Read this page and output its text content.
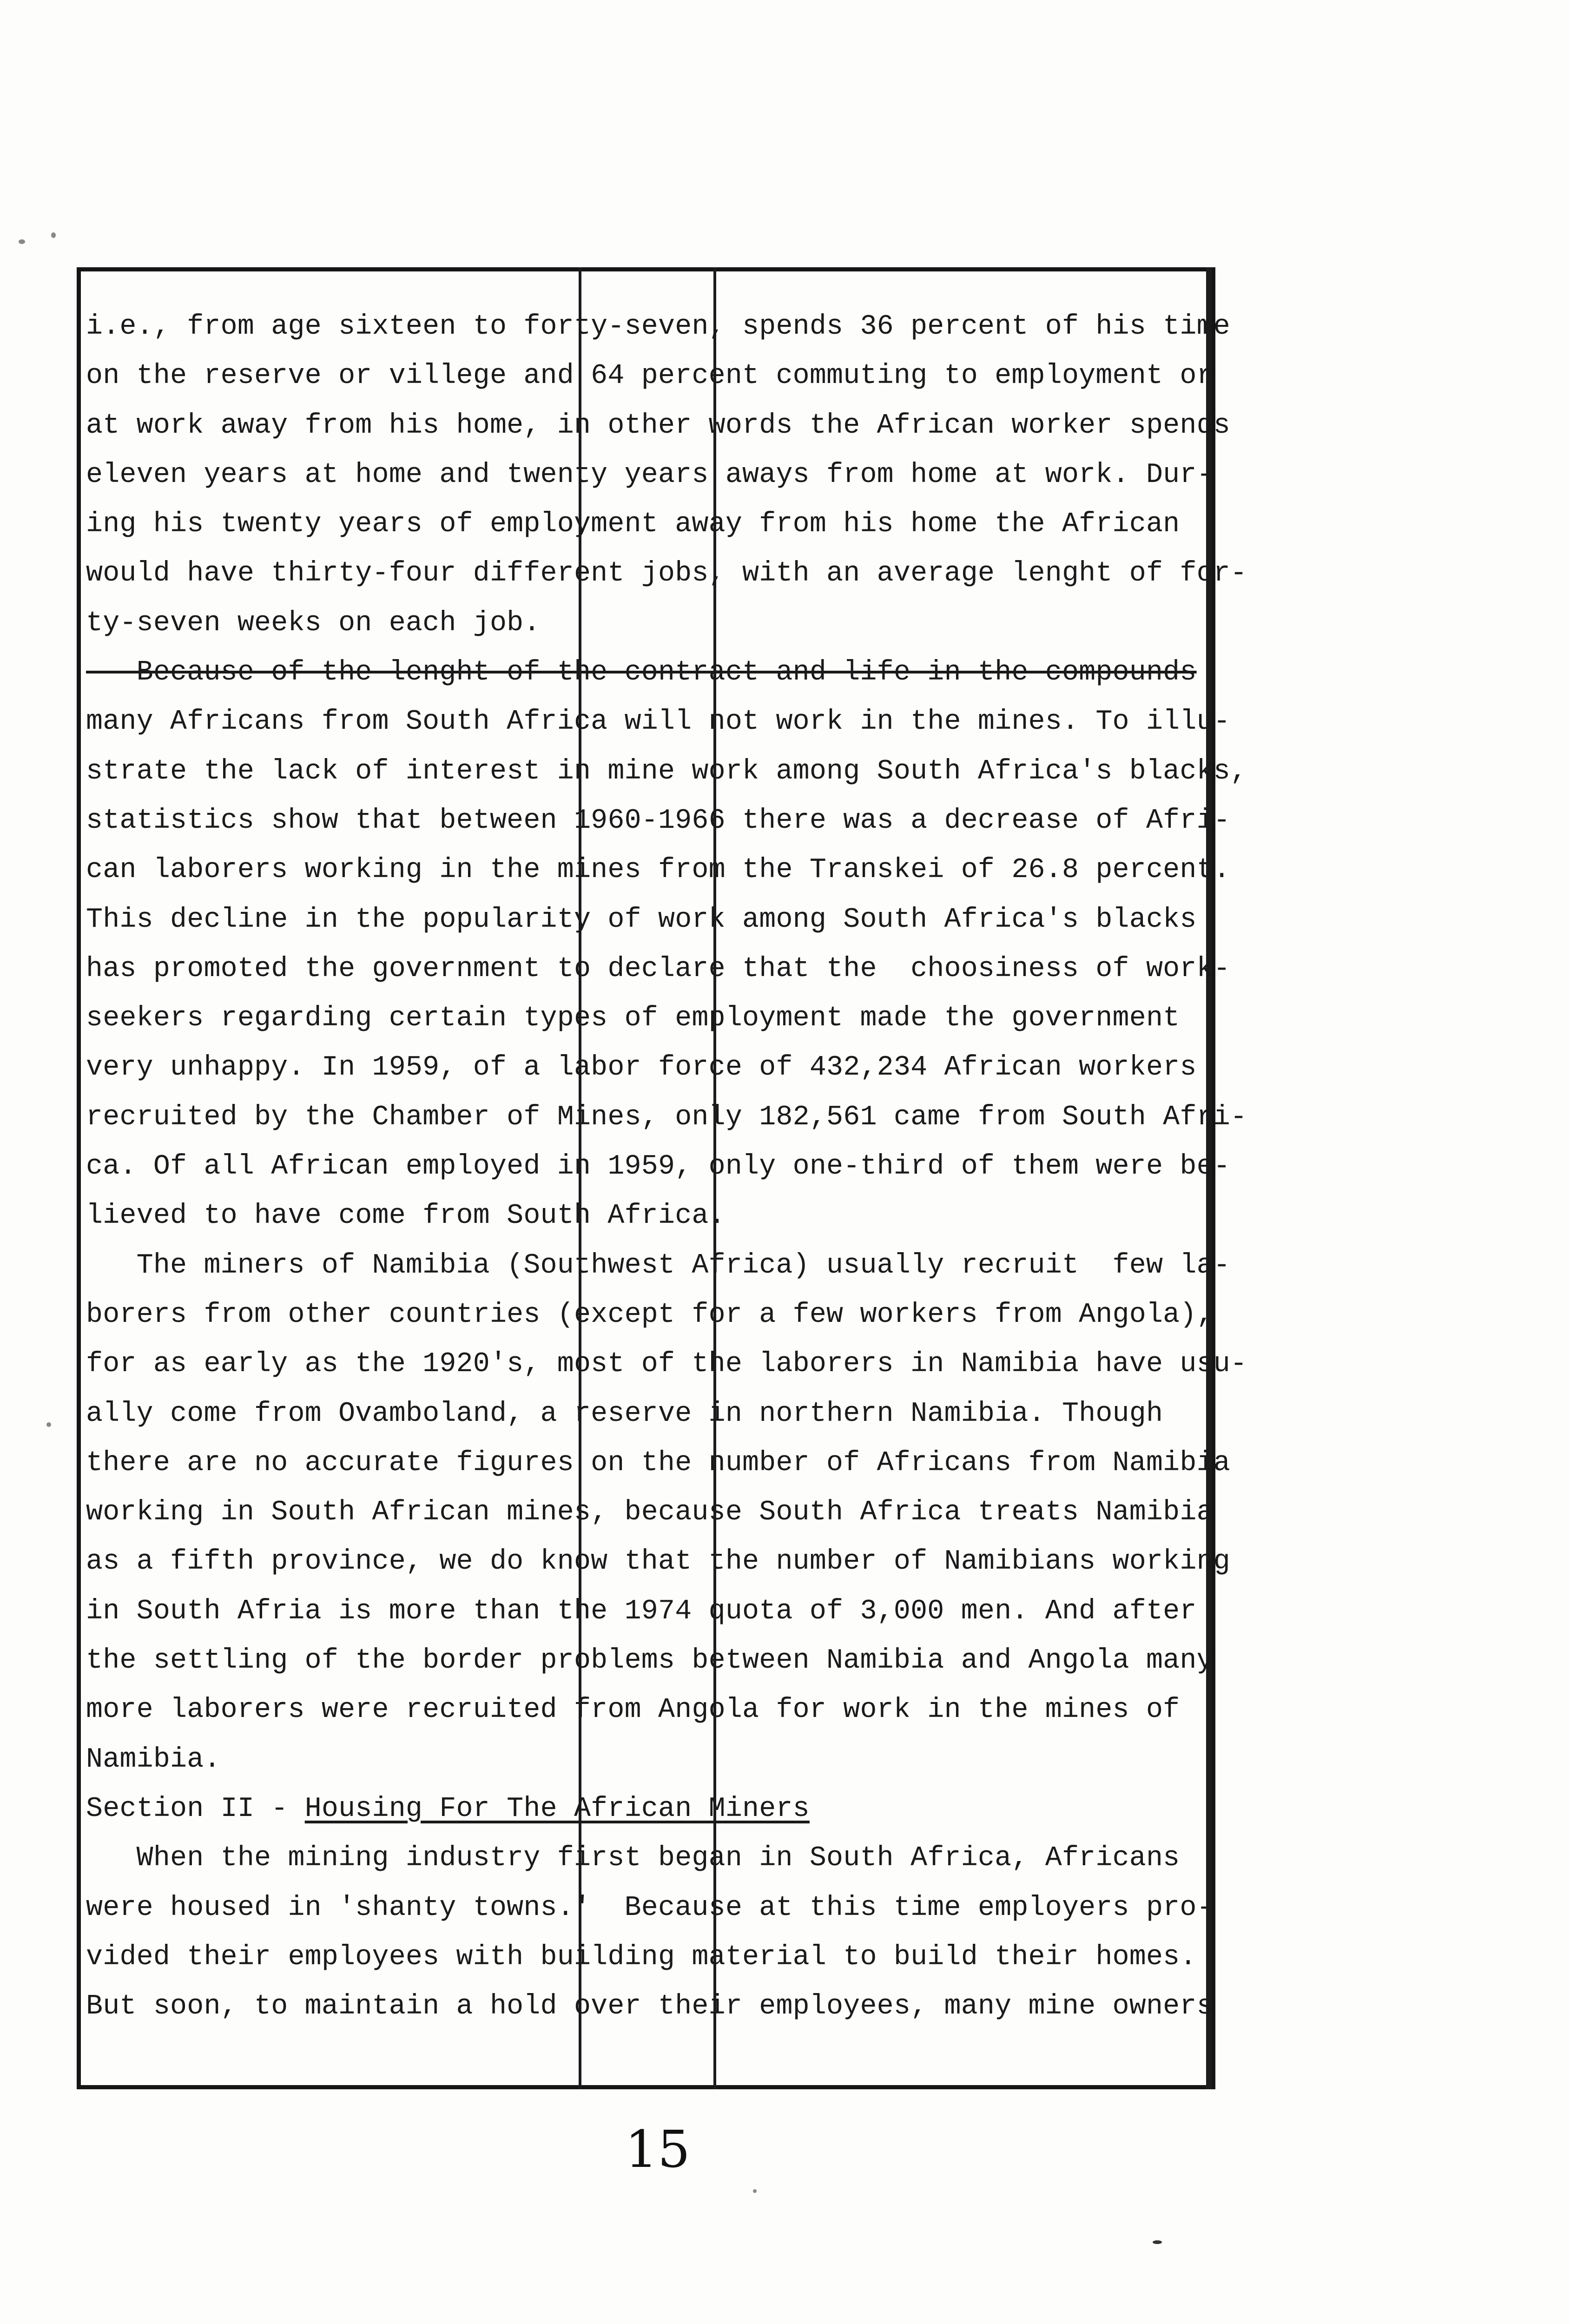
i.e., from age sixteen to forty-seven, spends 36 percent of his time
on the reserve or villege and 64 percent commuting to employment or
at work away from his home, in other words the African worker spends
eleven years at home and twenty years aways from home at work. Dur-
ing his twenty years of employment away from his home the African
would have thirty-four different jobs, with an average lenght of for-
ty-seven weeks on each job.
Because of the lenght of the contract and life in the compounds
many Africans from South Africa will not work in the mines. To illu-
strate the lack of interest in mine work among South Africa's blacks,
statistics show that between 1960-1966 there was a decrease of Afri-
can laborers working in the mines from the Transkei of 26.8 percent.
This decline in the popularity of work among South Africa's blacks
has promoted the government to declare that the  choosiness of work-
seekers regarding certain types of employment made the government
very unhappy. In 1959, of a labor force of 432,234 African workers
recruited by the Chamber of Mines, only 182,561 came from South Afri-
ca. Of all African employed in 1959, only one-third of them were be-
lieved to have come from South Africa.
The miners of Namibia (Southwest Africa) usually recruit  few la-
borers from other countries (except for a few workers from Angola),
for as early as the 1920's, most of the laborers in Namibia have usu-
ally come from Ovamboland, a reserve in northern Namibia. Though
there are no accurate figures on the number of Africans from Namibia
working in South African mines, because South Africa treats Namibia
as a fifth province, we do know that the number of Namibians working
in South Afria is more than the 1974 quota of 3,000 men. And after
the settling of the border problems between Namibia and Angola many
more laborers were recruited from Angola for work in the mines of
Namibia.
Section II - Housing For The African Miners
When the mining industry first began in South Africa, Africans
were housed in 'shanty towns.'  Because at this time employers pro-
vided their employees with building material to build their homes.
But soon, to maintain a hold over their employees, many mine owners
15
